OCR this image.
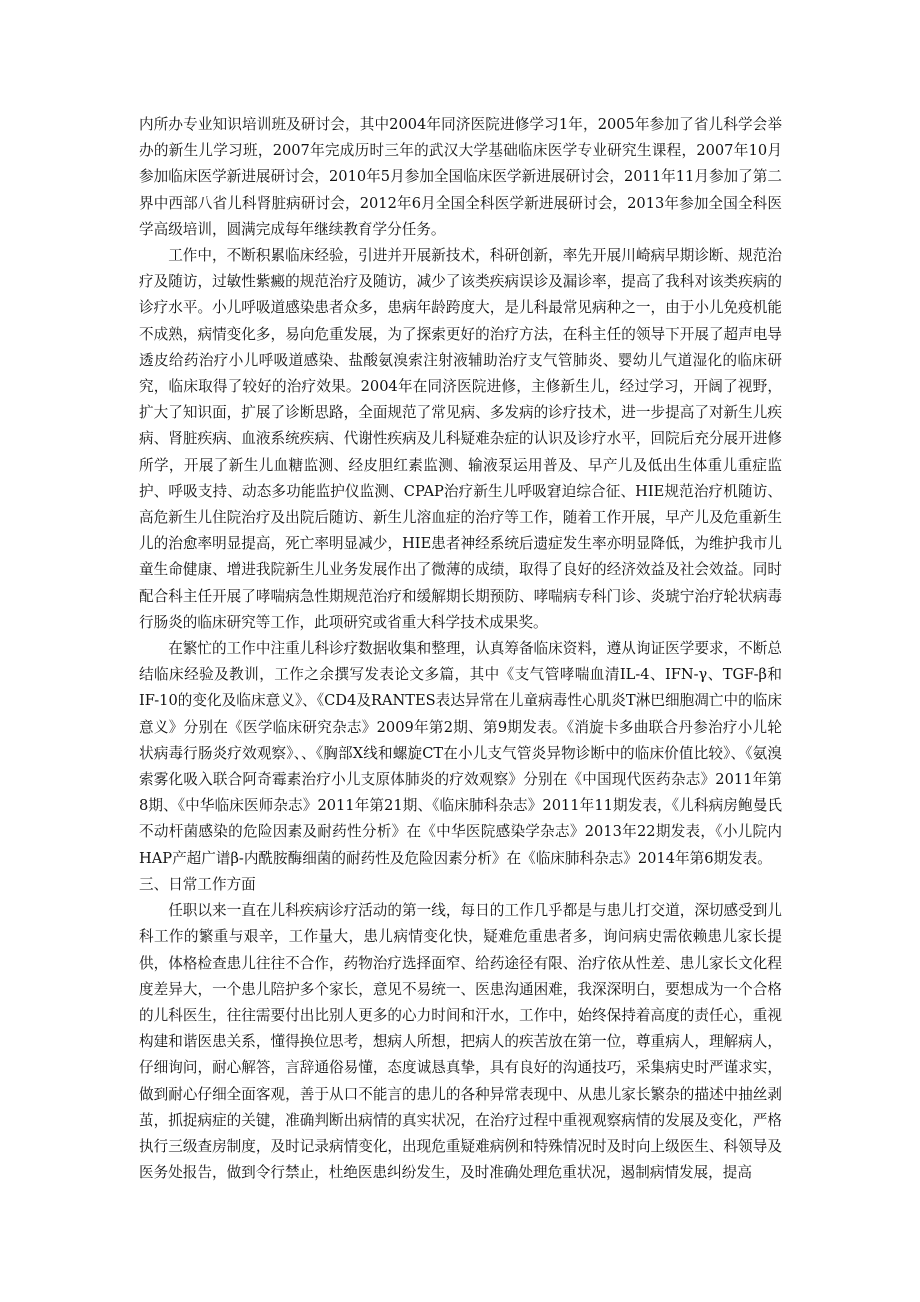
内所办专业知识培训班及研讨会，其中2004年同济医院进修学习1年，2005年参加了省儿科学会举办的新生儿学习班，2007年完成历时三年的武汉大学基础临床医学专业研究生课程，2007年10月参加临床医学新进展研讨会，2010年5月参加全国临床医学新进展研讨会，2011年11月参加了第二界中西部八省儿科肾脏病研讨会，2012年6月全国全科医学新进展研讨会，2013年参加全国全科医学高级培训，圆满完成每年继续教育学分任务。

工作中，不断积累临床经验，引进并开展新技术，科研创新，率先开展川崎病早期诊断、规范治疗及随访，过敏性紫癜的规范治疗及随访，减少了该类疾病误诊及漏诊率，提高了我科对该类疾病的诊疗水平。小儿呼吸道感染患者众多，患病年龄跨度大，是儿科最常见病种之一，由于小儿免疫机能不成熟，病情变化多，易向危重发展，为了探索更好的治疗方法，在科主任的领导下开展了超声电导透皮给药治疗小儿呼吸道感染、盐酸氨溴索注射液辅助治疗支气管肺炎、婴幼儿气道湿化的临床研究，临床取得了较好的治疗效果。2004年在同济医院进修，主修新生儿，经过学习，开阔了视野，扩大了知识面，扩展了诊断思路，全面规范了常见病、多发病的诊疗技术，进一步提高了对新生儿疾病、肾脏疾病、血液系统疾病、代谢性疾病及儿科疑难杂症的认识及诊疗水平，回院后充分展开进修所学，开展了新生儿血糖监测、经皮胆红素监测、输液泵运用普及、早产儿及低出生体重儿重症监护、呼吸支持、动态多功能监护仪监测、CPAP治疗新生儿呼吸窘迫综合征、HIE规范治疗机随访、高危新生儿住院治疗及出院后随访、新生儿溶血症的治疗等工作，随着工作开展，早产儿及危重新生儿的治愈率明显提高，死亡率明显减少，HIE患者神经系统后遗症发生率亦明显降低，为维护我市儿童生命健康、增进我院新生儿业务发展作出了微薄的成绩，取得了良好的经济效益及社会效益。同时配合科主任开展了哮喘病急性期规范治疗和缓解期长期预防、哮喘病专科门诊、炎琥宁治疗轮状病毒行肠炎的临床研究等工作，此项研究或省重大科学技术成果奖。

在繁忙的工作中注重儿科诊疗数据收集和整理，认真筹备临床资料，遵从询证医学要求，不断总结临床经验及教训，工作之余撰写发表论文多篇，其中《支气管哮喘血清IL-4、IFN-γ、TGF-β和IF-10的变化及临床意义》、《CD4及RANTES表达异常在儿童病毒性心肌炎T淋巴细胞凋亡中的临床意义》分别在《医学临床研究杂志》2009年第2期、第9期发表。《消旋卡多曲联合丹参治疗小儿轮状病毒行肠炎疗效观察》、、《胸部X线和螺旋CT在小儿支气管炎异物诊断中的临床价值比较》、《氨溴索雾化吸入联合阿奇霉素治疗小儿支原体肺炎的疗效观察》分别在《中国现代医药杂志》2011年第8期、《中华临床医师杂志》2011年第21期、《临床肺科杂志》2011年11期发表，《儿科病房鲍曼氏不动杆菌感染的危险因素及耐药性分析》在《中华医院感染学杂志》2013年22期发表，《小儿院内HAP产超广谱β-内酰胺酶细菌的耐药性及危险因素分析》在《临床肺科杂志》2014年第6期发表。

三、日常工作方面

任职以来一直在儿科疾病诊疗活动的第一线，每日的工作几乎都是与患儿打交道，深切感受到儿科工作的繁重与艰辛，工作量大，患儿病情变化快，疑难危重患者多，询问病史需依赖患儿家长提供，体格检查患儿往往不合作，药物治疗选择面窄、给药途径有限、治疗依从性差、患儿家长文化程度差异大，一个患儿陪护多个家长，意见不易统一、医患沟通困难，我深深明白，要想成为一个合格的儿科医生，往往需要付出比别人更多的心力时间和汗水，工作中，始终保持着高度的责任心，重视构建和谐医患关系，懂得换位思考，想病人所想，把病人的疾苦放在第一位，尊重病人，理解病人，仔细询问，耐心解答，言辞通俗易懂，态度诚恳真挚，具有良好的沟通技巧，采集病史时严谨求实，做到耐心仔细全面客观，善于从口不能言的患儿的各种异常表现中、从患儿家长繁杂的描述中抽丝剥茧，抓捉病症的关键，准确判断出病情的真实状况，在治疗过程中重视观察病情的发展及变化，严格执行三级查房制度，及时记录病情变化，出现危重疑难病例和特殊情况时及时向上级医生、科领导及医务处报告，做到令行禁止，杜绝医患纠纷发生，及时准确处理危重状况，遏制病情发展，提高
